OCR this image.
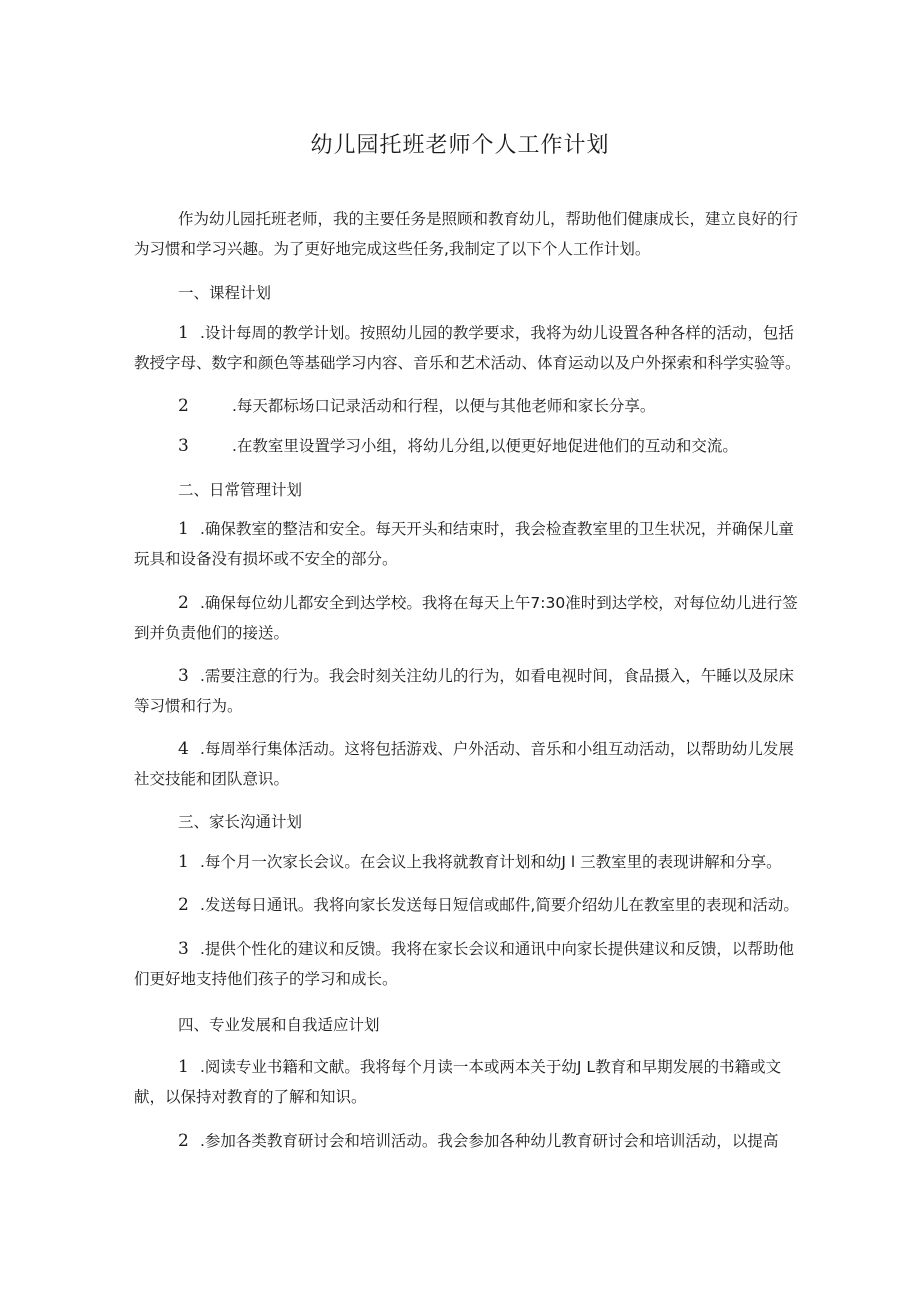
幼儿园托班老师个人工作计划
作为幼儿园托班老师，我的主要任务是照顾和教育幼儿，帮助他们健康成长，建立良好的行为习惯和学习兴趣。为了更好地完成这些任务,我制定了以下个人工作计划。
一、课程计划
1 .设计每周的教学计划。按照幼儿园的教学要求，我将为幼儿设置各种各样的活动，包括教授字母、数字和颜色等基础学习内容、音乐和艺术活动、体育运动以及户外探索和科学实验等。
2	.每天都标场口记录活动和行程，以便与其他老师和家长分享。
3	.在教室里设置学习小组，将幼儿分组,以便更好地促进他们的互动和交流。
二、日常管理计划
1 .确保教室的整洁和安全。每天开头和结束时，我会检查教室里的卫生状况，并确保儿童玩具和设备没有损坏或不安全的部分。
2 .确保每位幼儿都安全到达学校。我将在每天上午7:30准时到达学校，对每位幼儿进行签到并负责他们的接送。
3 .需要注意的行为。我会时刻关注幼儿的行为，如看电视时间，食品摄入，午睡以及尿床等习惯和行为。
4 .每周举行集体活动。这将包括游戏、户外活动、音乐和小组互动活动，以帮助幼儿发展社交技能和团队意识。
三、家长沟通计划
1 .每个月一次家长会议。在会议上我将就教育计划和幼J l 三教室里的表现讲解和分享。
2 .发送每日通讯。我将向家长发送每日短信或邮件,简要介绍幼儿在教室里的表现和活动。
3 .提供个性化的建议和反馈。我将在家长会议和通讯中向家长提供建议和反馈，以帮助他们更好地支持他们孩子的学习和成长。
四、专业发展和自我适应计划
1 .阅读专业书籍和文献。我将每个月读一本或两本关于幼J L教育和早期发展的书籍或文献，以保持对教育的了解和知识。
2 .参加各类教育研讨会和培训活动。我会参加各种幼儿教育研讨会和培训活动，以提高
